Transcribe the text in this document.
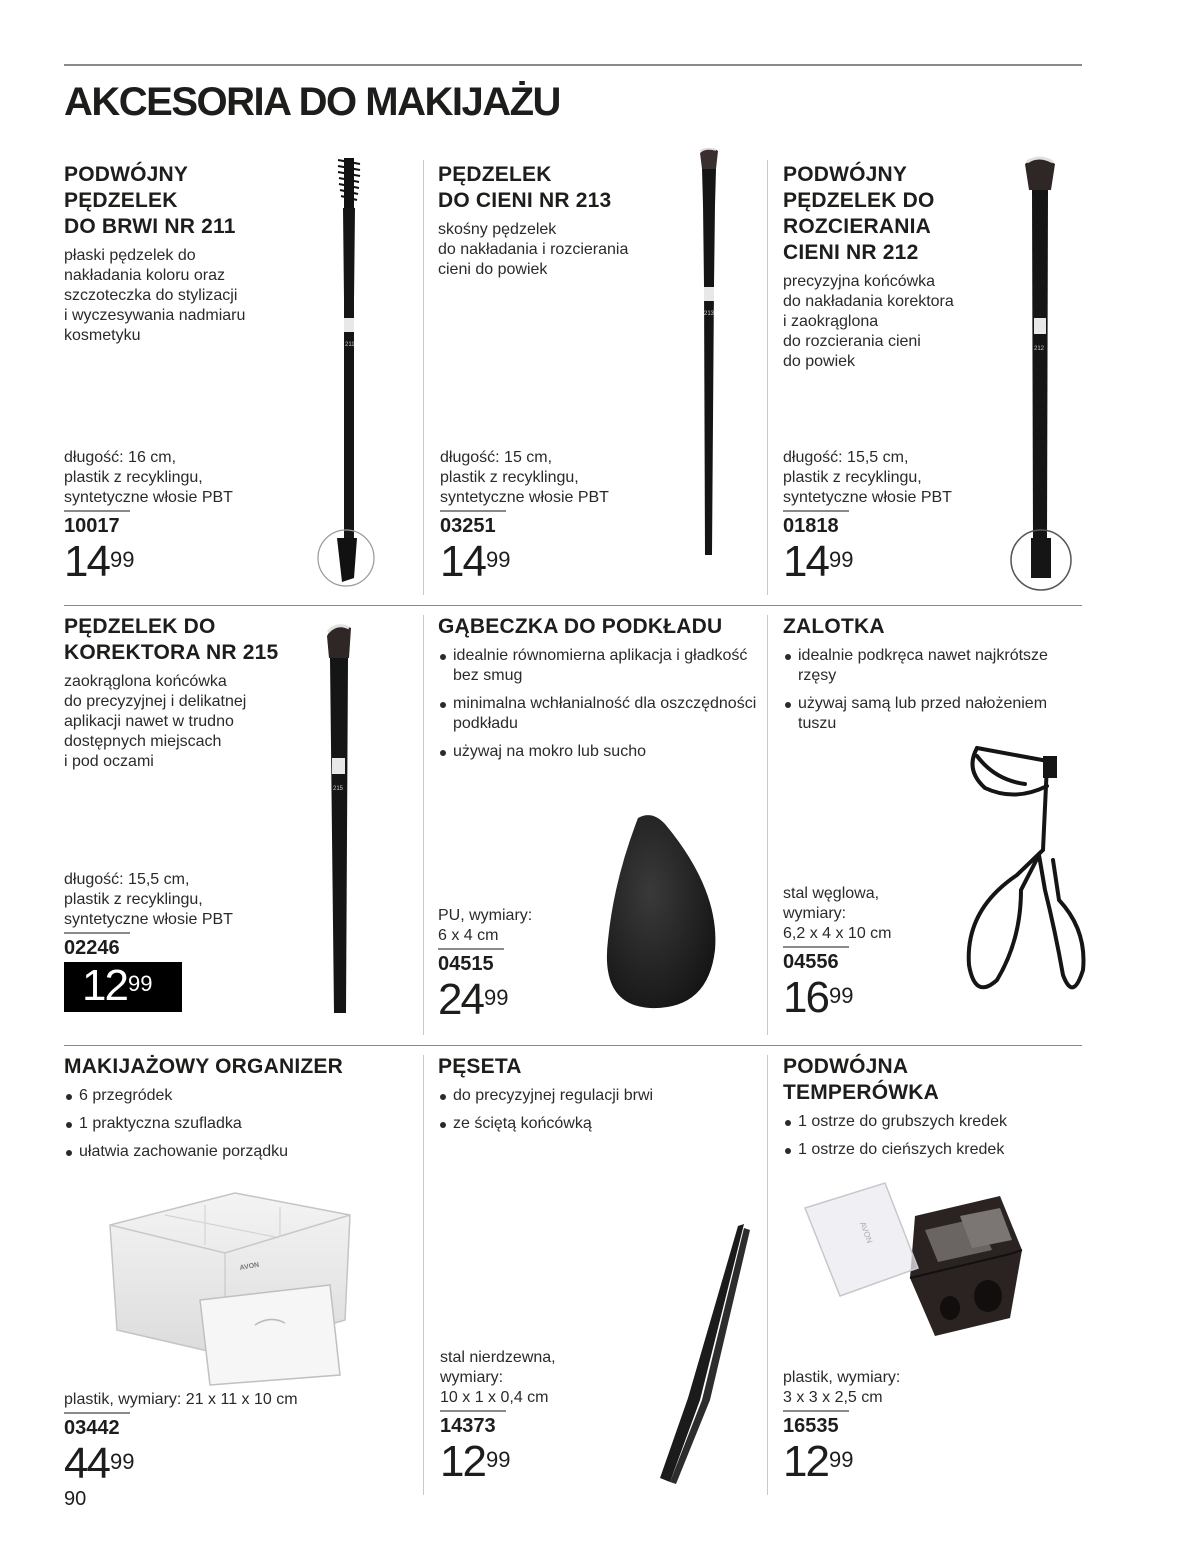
AKCESORIA DO MAKIJAŻU
PODWÓJNY
PĘDZELEK
DO BRWI NR 211
płaski pędzelek do
nakładania koloru oraz
szczoteczka do stylizacji
i wyczesywania nadmiaru
kosmetyku
długość: 16 cm,
plastik z recyklingu,
syntetyczne włosie PBT
10017
$14^{99}$
211
PĘDZELEK
DO CIENI NR 213
skośny pędzelek
do nakładania i rozcierania
cieni do powiek
długość: 15 cm,
plastik z recyklingu,
syntetyczne włosie PBT
03251
$14^{99}$
213
PODWÓJNY
PĘDZELEK DO
ROZCIERANIA
CIENI NR 212
precyzyjna końcówka
do nakładania korektora
i zaokrąglona
do rozcierania cieni
do powiek
długość: 15,5 cm,
plastik z recyklingu,
syntetyczne włosie PBT
01818
$14^{99}$
212
PĘDZELEK DO
KOREKTORA NR 215
zaokrąglona końcówka
do precyzyjnej i delikatnej
aplikacji nawet w trudno
dostępnych miejscach
i pod oczami
długość: 15,5 cm,
plastik z recyklingu,
syntetyczne włosie PBT
02246
$12^{99}$
215
GĄBECZKA DO PODKŁADU
idealnie równomierna aplikacja i gładkość bez smug
minimalna wchłanialność dla oszczędności podkładu
używaj na mokro lub sucho
PU, wymiary:
6 x 4 cm
04515
$24^{99}$
ZALOTKA
idealnie podkręca nawet najkrótsze rzęsy
używaj samą lub przed nałożeniem tuszu
stal węglowa,
wymiary:
6,2 x 4 x 10 cm
04556
$16^{99}$
MAKIJAŻOWY ORGANIZER
6 przegródek
1 praktyczna szufladka
ułatwia zachowanie porządku
AVON
plastik, wymiary: 21 x 11 x 10 cm
03442
$44^{99}$
90
PĘSETA
do precyzyjnej regulacji brwi
ze ściętą końcówką
stal nierdzewna,
wymiary:
10 x 1 x 0,4 cm
14373
$12^{99}$
PODWÓJNA
TEMPERÓWKA
1 ostrze do grubszych kredek
1 ostrze do cieńszych kredek
AVON
plastik, wymiary:
3 x 3 x 2,5 cm
16535
$12^{99}$
